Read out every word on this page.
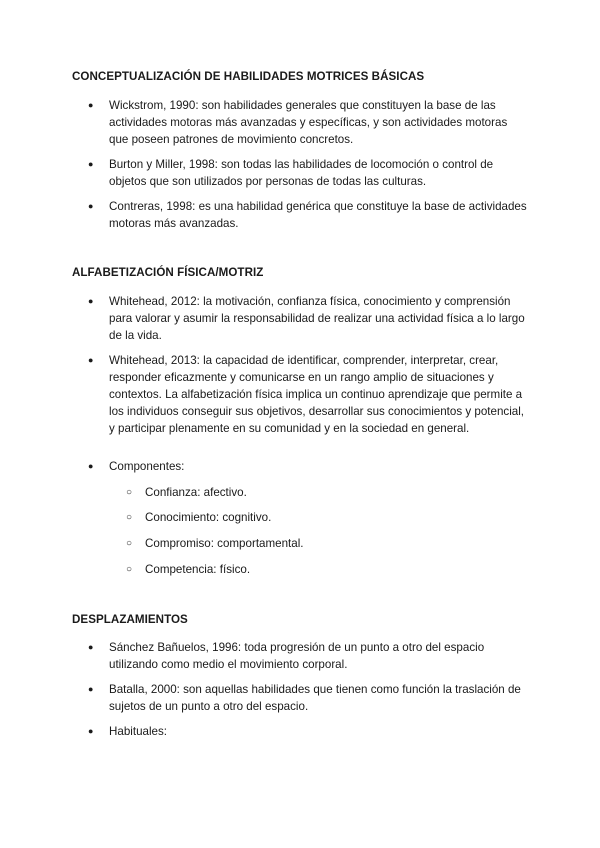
CONCEPTUALIZACIÓN DE HABILIDADES MOTRICES BÁSICAS
●	Wickstrom, 1990: son habilidades generales que constituyen la base de las actividades motoras más avanzadas y específicas, y son actividades motoras que poseen patrones de movimiento concretos.
●	Burton y Miller, 1998: son todas las habilidades de locomoción o control de objetos que son utilizados por personas de todas las culturas.
●	Contreras, 1998: es una habilidad genérica que constituye la base de actividades motoras más avanzadas.
ALFABETIZACIÓN FÍSICA/MOTRIZ
●	Whitehead, 2012: la motivación, confianza física, conocimiento y comprensión para valorar y asumir la responsabilidad de realizar una actividad física a lo largo de la vida.
●	Whitehead, 2013: la capacidad de identificar, comprender, interpretar, crear, responder eficazmente y comunicarse en un rango amplio de situaciones y contextos. La alfabetización física implica un continuo aprendizaje que permite a los individuos conseguir sus objetivos, desarrollar sus conocimientos y potencial, y participar plenamente en su comunidad y en la sociedad en general.
●	Componentes:
○ Confianza: afectivo.
○ Conocimiento: cognitivo.
○ Compromiso: comportamental.
○ Competencia: físico.
DESPLAZAMIENTOS
●	Sánchez Bañuelos, 1996: toda progresión de un punto a otro del espacio utilizando como medio el movimiento corporal.
●	Batalla, 2000: son aquellas habilidades que tienen como función la traslación de sujetos de un punto a otro del espacio.
●	Habituales:
